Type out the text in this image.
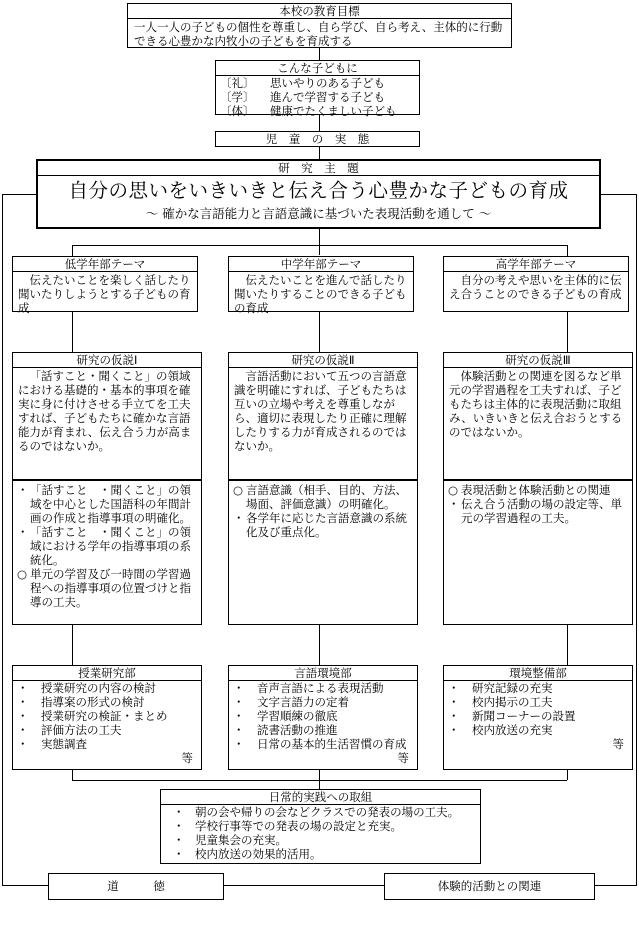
本校の教育目標
一人一人の子どもの個性を尊重し、自ら学び、自ら考え、主体的に行動できる心豊かな内牧小の子どもを育成する
こんな子どもに
〔礼〕 思いやりのある子ども
〔学〕 進んで学習する子ども
〔体〕 健康でたくましい子ども
児　童　の　実　態
研　究　主　題
自分の思いをいきいきと伝え合う心豊かな子どもの育成
〜 確かな言語能力と言語意識に基づいた表現活動を通して 〜
低学年部テーマ
伝えたいことを楽しく話したり聞いたりしようとする子どもの育成
中学年部テーマ
伝えたいことを進んで話したり聞いたりすることのできる子どもの育成
高学年部テーマ
自分の考えや思いを主体的に伝え合うことのできる子どもの育成
研究の仮説Ⅰ
「話すこと・聞くこと」の領域における基礎的・基本的事項を確実に身に付けさせる手立てを工夫すれば、子どもたちに確かな言語能力が育まれ、伝え合う力が高まるのではないか。
研究の仮説Ⅱ
言語活動において五つの言語意識を明確にすれば、子どもたちは互いの立場や考えを尊重しながら、適切に表現したり正確に理解したりする力が育成されるのではないか。
研究の仮説Ⅲ
体験活動との関連を図るなど単元の学習過程を工夫すれば、子どもたちは主体的に表現活動に取組み、いきいきと伝え合おうとするのではないか。
・ 「話すこと　・聞くこと」の領域を中心とした国語科の年間計画の作成と指導事項の明確化。
・ 「話すこと　・聞くこと」の領域における学年の指導事項の系統化。
○ 単元の学習及び一時間の学習過程への指導事項の位置づけと指導の工夫。
○ 言語意識（相手、目的、方法、場面、評価意識）の明確化。
・ 各学年に応じた言語意識の系統化及び重点化。
○ 表現活動と体験活動との関連
・ 伝え合う活動の場の設定等、単元の学習過程の工夫。
授業研究部
・ 授業研究の内容の検討
・ 指導案の形式の検討
・ 授業研究の検証・まとめ
・ 評価方法の工夫
・ 実態調査
等
言語環境部
・ 音声言語による表現活動
・ 文字言語力の定着
・ 学習順練の徹底
・ 読書活動の推進
・ 日常の基本的生活習慣の育成
等
環境整備部
・ 研究記録の充実
・ 校内掲示の工夫
・ 新聞コーナーの設置
・ 校内放送の充実
等
日常的実践への取組
・ 朝の会や帰りの会などクラスでの発表の場の工夫。
・ 学校行事等での発表の場の設定と充実。
・ 児童集会の充実。
・ 校内放送の効果的活用。
道　　　徳	体験的活動との関連
